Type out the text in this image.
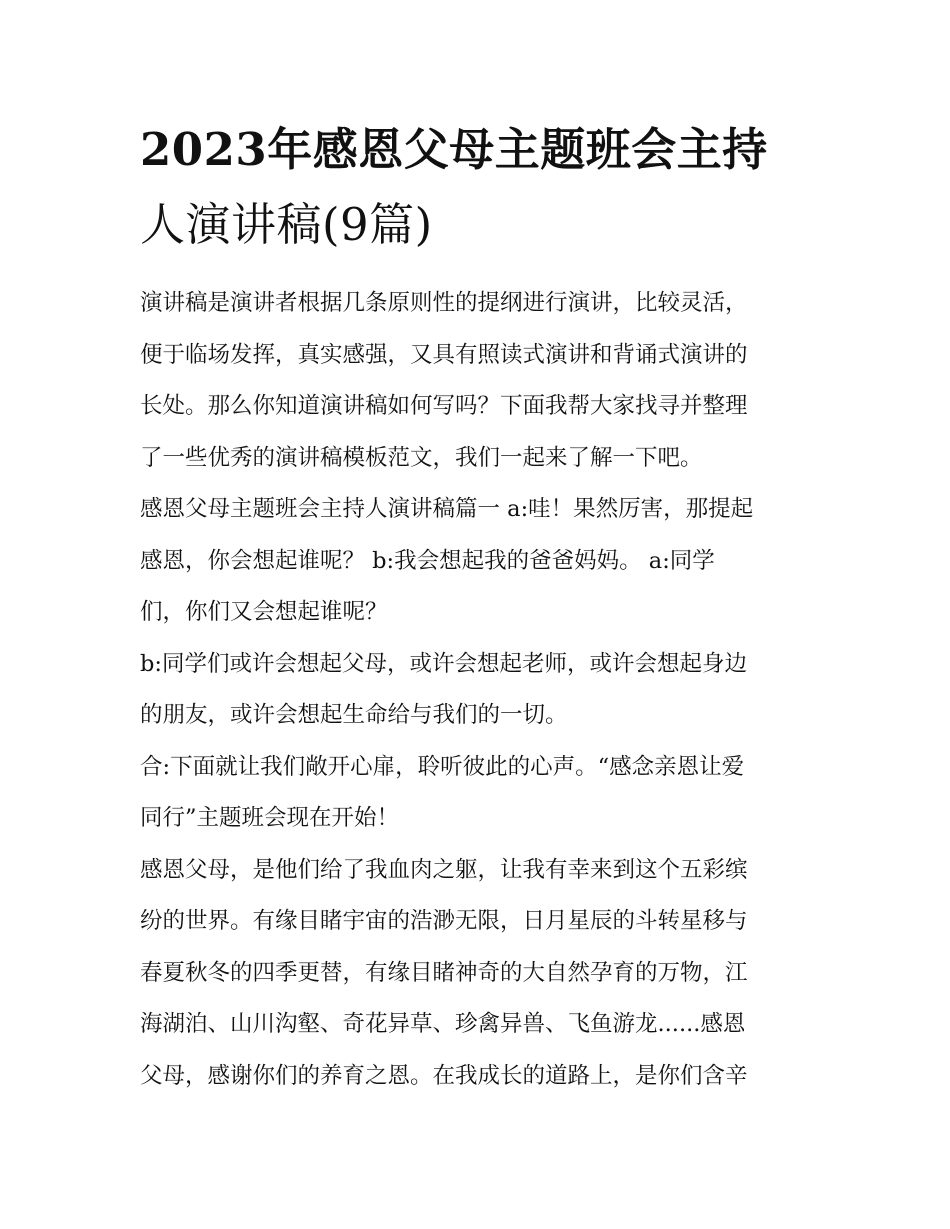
2023年感恩父母主题班会主持
人演讲稿(9篇)

演讲稿是演讲者根据几条原则性的提纲进行演讲，比较灵活，
便于临场发挥，真实感强，又具有照读式演讲和背诵式演讲的
长处。那么你知道演讲稿如何写吗？下面我帮大家找寻并整理
了一些优秀的演讲稿模板范文，我们一起来了解一下吧。

感恩父母主题班会主持人演讲稿篇一 a:哇！果然厉害，那提起
感恩，你会想起谁呢？ b:我会想起我的爸爸妈妈。 a:同学
们，你们又会想起谁呢？

b:同学们或许会想起父母，或许会想起老师，或许会想起身边
的朋友，或许会想起生命给与我们的一切。

合:下面就让我们敞开心扉，聆听彼此的心声。“感念亲恩让爱
同行”主题班会现在开始！

感恩父母，是他们给了我血肉之躯，让我有幸来到这个五彩缤
纷的世界。有缘目睹宇宙的浩渺无限，日月星辰的斗转星移与
春夏秋冬的四季更替，有缘目睹神奇的大自然孕育的万物，江
海湖泊、山川沟壑、奇花异草、珍禽异兽、飞鱼游龙......感恩
父母，感谢你们的养育之恩。在我成长的道路上，是你们含辛
